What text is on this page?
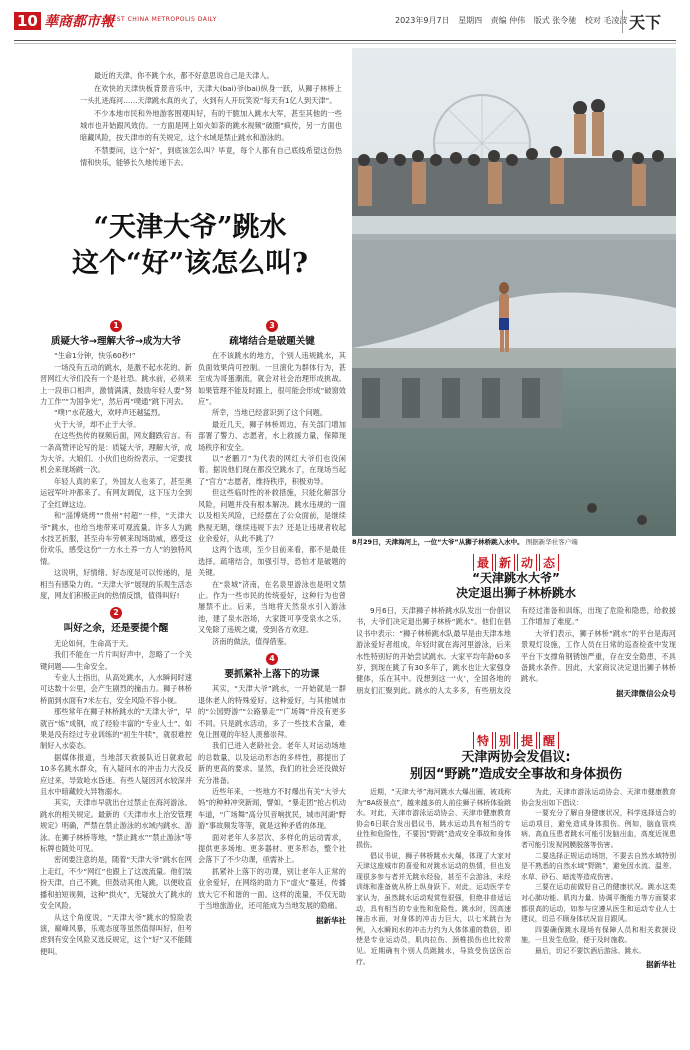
10 華商都市報
WEST CHINA METROPOLIS DAILY	2023年9月7日 星期四 责编 仲伟 版式 张令驰 校对 毛凌波 天下

最近的天津，你不跳个水，都不好意思说自己是天津人。

在欢快的天津快板背景音乐中，天津大(bai)爷(bai)纵身一跃，从狮子林桥上一头扎进海河……天津跳水真的火了，火到有人开玩笑说“每天有1亿人到天津”。

不少本地市民和外地游客围观叫好，有的干脆加入跳水大军，甚至其他的一些城市也开始跟风效仿。一方面是网上如火如荼的跳水视频“破圈”疯传，另一方面也暗藏风险，按天津市的有关规定，这个水域是禁止跳水和游泳的。

不禁要问，这个“好”，到底该怎么叫？毕竟，每个人都有自己底线希望这份热情和快乐，能够长久地传递下去。

“天津大爷”跳水
这个“好”该怎么叫?
8月29日，天津海河上，一位“大爷”从狮子林桥跳入水中。 图据新华社客户端
1
质疑大爷→理解大爷→成为大爷

“生命1分钟，快乐60秒!”

一场没有五动的跳水，是激不起水花的。新晋网红大爷们没有一个是社恐。跳水前，必须来上一段串口相声，激情满满，鼓励年轻人要“努力工作”“为国争光”，然后再“噗通”跳下河去。

“噗!”水花越大，欢呼声还越猛烈。

火于大爷，却不止于大爷。

在这些热传的视频后面，网友翻跌宕言。有一条高赞评论写的是：质疑大爷，理解大爷，成为大爷。大娘们、小伙们也纷纷表示，一定要找机会来现场跳一次。

年轻人真的来了，外国友人也来了，甚至奥运冠军叶冲都来了。有网友调侃，这下压力全到了全红婵这边。

和“淄博烧烤”“贵州“村超”一样，“天津大爷”跳水，也给当地带来可观流量。许多人为跳水技艺折服，甚至舟车劳顿来现场助威，感受这份欢乐，感受这份“一方水土养一方人”的独特风情。

这说明，好情绪、好态度是可以传递的，是相当有感染力的。“天津大爷”展现的乐观生活态度，网友们积极正向的热情反馈，值得叫好!

2
叫好之余，还是要提个醒

无论如何，生命高于天。

我们不能在一片片叫好声中，忽略了一个关键问题——生命安全。

专业人士指出，从高处跳水，入水瞬间时速可达数十公里，会产生剧烈的撞击力。狮子林桥桥面到水面有7米左右，安全风险不容小视。

那些常年在狮子林桥跳水的“天津大爷”，早就百“炼”成钢，成了经验丰富的“专业人士”。如果是没有经过专业训练的“初生牛犊”，就很难控制好入水姿态。

据媒体报道，当地部天救援队近日就救起10多名跳水群众，有入疑问水的冲击力大没反应过来，导致呛水昏迷。有些人疑因河水较深并且水中暗藏较大异物溺水。

其实，天津市早就出台过禁止在海河游泳、跳水的相关规定。最新的《天津市水上治安管理规定》明确，严禁在禁止游泳的水域内跳水、游泳。在狮子林桥等地，“禁止跳水”“禁止游泳”等标牌也随处可见。

密闭要注意的是，随着“天津大爷”跳水在网上走红，不少“网红”也跟上了这波流量。他们装扮天津，自己不跳，但鼓动其他人跳，以便收直播和拍短视频，这种“拱火”，无疑放大了跳水的安全风险。

从这个角度说，“天津大爷”跳水的惊险表演，巅峰风暴，乐观态度等虽然值得叫好，但考虑到有安全风险又选反规定，这个“好”又不能随便叫。

3
疏堵结合是破题关键

在不该跳水的地方，个别人违规跳水，其负面效果尚可控制。一旦演化为群体行为，甚至成为哥蛋潮流，就会对社会治理形成挑战。如果管理不能及时跟上，很可能会形成“破窗效应”。

所幸，当地已经意识到了这个问题。

最近几天，狮子林桥周边，有关部门增加部署了警力、志愿者，水上救援力量，保障现场秩序和安全。

以“老鹏刀”为代表的网红大爷们也没闲着。据说他们现在都没空跳水了，在现场当起了“官方”志愿者，维持秩序，积极劝导。

但这些临时性的补救措施，只能化解部分风险，问题并没有根本解决。跳水违规的一面以及相关风险，已经摆在了公众面前，是继续熟视无睹，继续违规下去？还是让违规者收起业余爱好，从此不跳了？

这两个选项，至少目前来看，都不是最佳选择。疏堵结合，加强引导，恐怕才是破题的关键。

在“泉城”济南，在名泉里游泳也是明文禁止。作为一些市民的传统爱好，这种行为也曾屡禁不止。后来，当地将天然泉水引入游泳池，建了泉水浴场，大家既可享受泉水之乐，又免除了违规之虞，受到各方欢迎。

济南的做法，值得借鉴。

4
要抓紧补上落下的功课

其实，“天津大爷”跳水，一开始就是一群退休老人的特殊爱好。这种爱好，与其他城市的“公园野游”“公路暴走”“广场舞”并没有更多不同。只是跳水活动，多了一些技术含量，难免让围观的年轻人羡慕崇拜。

我们已进入老龄社会。老年人对运动场地的总数量，以及运动形态的多样性，都提出了新的更高的要求。显然，我们的社会还没做好充分准备。

近些年来，一些地方不时爆出有关“大爷大妈”的种种冲突新闻，譬如，“暴走团”抢占机动车道，“广场舞”高分贝音响扰民，城市河湖“野游”事故频发等等，就是这种矛盾的体现。

面对老年人多层次、多样化的运动需求，提供更多场地、更多器材、更多形态，整个社会落下了不少功课，亟需补上。

抓紧补上落下的功课，别让老年人正常的业余爱好，在网络的助力下“虚火”蔓延，传播放大它不和谐的一面。这样的流量，不仅无助于当地旅游业，还可能成为当地发展的隐痛。

据新华社
最 新 动 态
“天津跳水大爷”
决定退出狮子林桥跳水

9月6日，天津狮子林桥跳水队发出一份倡议书，大爷们决定退出狮子林桥“跳水”。他们在倡议书中表示：“狮子林桥跳水队最早是由天津本地游泳爱好者组成，年轻时就在海河里游泳，后来水性特别好的开始尝试跳水。大家平均年龄60多岁，到现在跳了有30多年了，跳水也让大家强身健体，乐在其中。没想到这一‘火’，全国各地的朋友们汇聚到此。跳水的人太多多，有些朋友没有经过准备和训练，出现了危险和隐患，给救援工作增加了难度。”

大爷们表示，狮子林桥“跳水”的平台是海河景观灯设施，工作人员在日常的巡查检查中发现平台下支撑角钢锈蚀严重，存在安全隐患，不具备跳水条件。因此，大家商议决定退出狮子林桥跳水。

据天津微信公众号
特 别 提 醒
天津两协会发倡议:
别因“野跳”造成安全事故和身体损伤

近期，“天津大爷”海河跳水大爆出圈，被戏称为“8A级景点”，越来越多的人前往狮子林桥体验跳水。对此，天津市游泳运动协会、天津市健康教育协会6日联合发出倡议书，跳水运动具有相当的专业性和危险性，不要因“野跳”造成安全事故和身体损伤。

倡议书说，狮子林桥跳水火爆，体现了大家对天津这座城市的喜爱和对跳水运动的热情，但也发现很多参与者并无跳水经验，甚至不会游泳，未经训练和准备就从桥上纵身跃下。对此，运动医学专家认为，虽然跳水运动观赏性很强，但绝非普适运动，具有相当的专业性和危险性。跳水时，因高速撞击水面，对身体的冲击力巨大，以七米跳台为例，入水瞬间水的冲击力约为人体体重的数倍，即使是专业运动员，肌肉拉伤、颈椎损伤也比较常见。近期确有个别人员跳跳水，导致受伤送医治疗。

为此，天津市游泳运动协会、天津市健康教育协会发出如下倡议：

一要充分了解自身健康状况，科学选择适合的运动项目，避免造成身体损伤。例如，脑血管疾病、高血压患者跳水可能引发脑出血，高度近视患者可能引发视网膜脱落等伤害。

二要选择正规运动场馆，不要去自然水域特别是不熟悉的自然水域“野跳”，避免因水流、温差、水草、砂石、暗流等造成伤害。

三要在运动前做好自己的健康状况。跳水这类对心肺功能、肌肉力量、协调平衡能力等方面要求都很高的运动，如参与应遵从医生和运动专业人士建议，切忌不顾身体状况盲目跟风。

四要确保跳水现场有保障人员和相关救援设施，一旦发生危险，便于及时施救。

最后，切记不要饮酒后游泳、跳水。

据新华社
